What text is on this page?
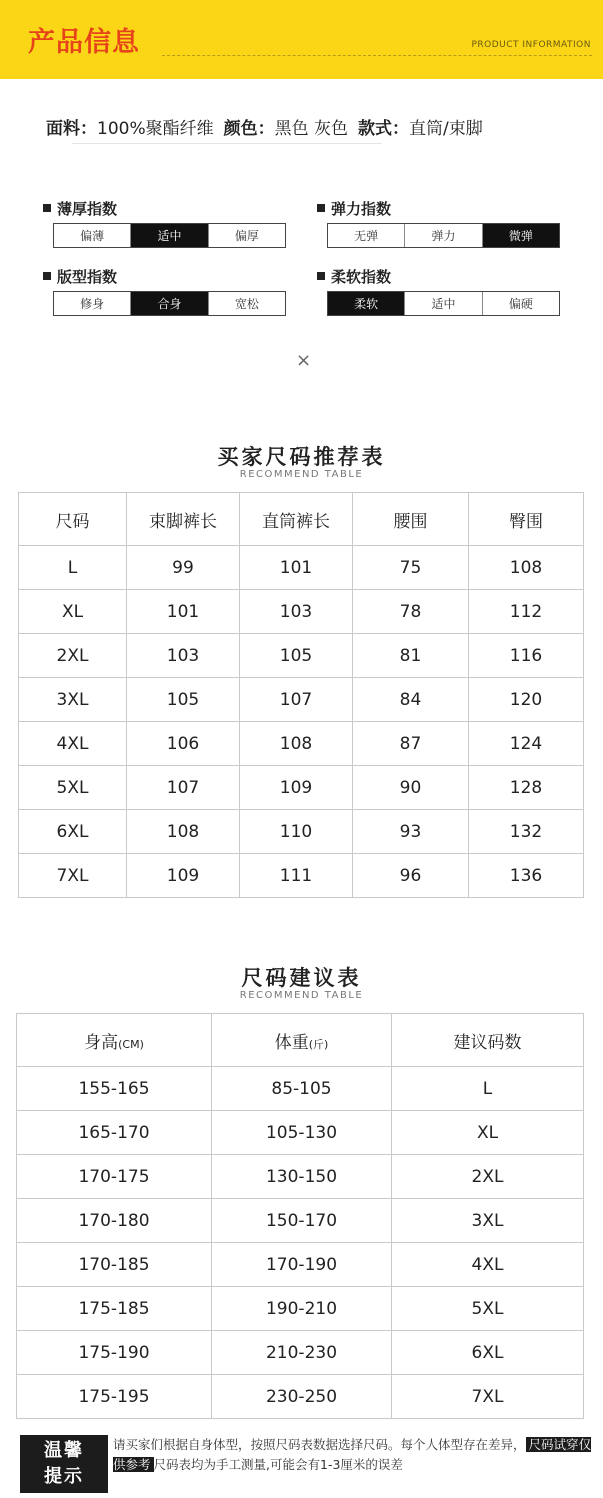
产品信息	PRODUCT INFORMATION
面料：100%聚酯纤维 颜色：黑色 灰色 款式：直筒/束脚
薄厚指数
偏薄	适中	偏厚
弹力指数
无弹	弹力	微弹
版型指数
修身	合身	宽松
柔软指数
柔软	适中	偏硬
×
买家尺码推荐表
RECOMMEND TABLE
尺码	束脚裤长	直筒裤长	腰围	臀围
L	99	101	75	108
XL	101	103	78	112
2XL	103	105	81	116
3XL	105	107	84	120
4XL	106	108	87	124
5XL	107	109	90	128
6XL	108	110	93	132
7XL	109	111	96	136
尺码建议表
RECOMMEND TABLE
身高(CM)	体重(斤)	建议码数
155-165	85-105	L
165-170	105-130	XL
170-175	130-150	2XL
170-180	150-170	3XL
170-185	170-190	4XL
175-185	190-210	5XL
175-190	210-230	6XL
175-195	230-250	7XL
温馨
提示
请买家们根据自身体型，按照尺码表数据选择尺码。每个人体型存在差异， 尺码试穿仅供参考 尺码表均为手工测量,可能会有1-3厘米的误差
